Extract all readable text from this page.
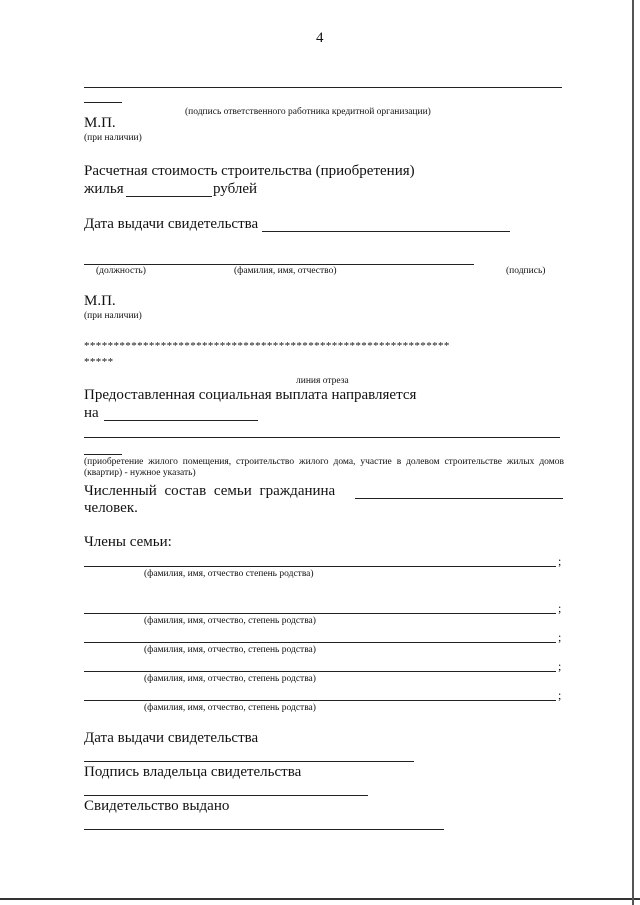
4
(подпись ответственного работника кредитной организации)
М.П.
(при наличии)
Расчетная стоимость строительства (приобретения)
жилья	рублей
Дата выдачи свидетельства
(должность)	(фамилия, имя, отчество)	(подпись)
М.П.
(при наличии)
**************************************************************
*****
линия отреза
Предоставленная социальная выплата направляется
на
(приобретение жилого помещения, строительство жилого дома, участие в долевом строительстве жилых домов (квартир) - нужное указать)
Численный состав семьи гражданина
человек.
Члены семьи:
;
(фамилия, имя, отчество степень родства)
;
(фамилия, имя, отчество, степень родства)
;
(фамилия, имя, отчество, степень родства)
;
(фамилия, имя, отчество, степень родства)
;
(фамилия, имя, отчество, степень родства)
Дата выдачи свидетельства
Подпись владельца свидетельства
Свидетельство выдано
